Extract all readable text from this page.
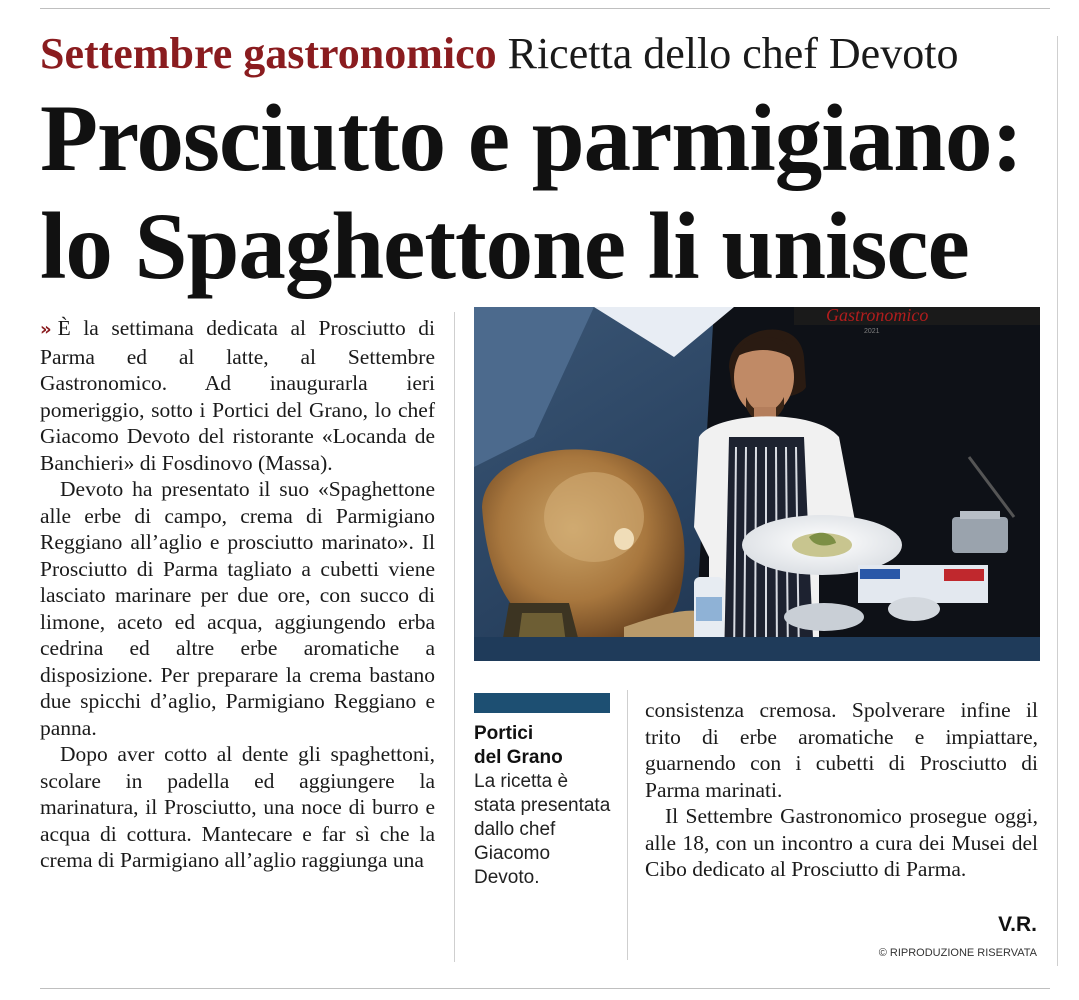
Settembre gastronomico Ricetta dello chef Devoto
Prosciutto e parmigiano:
lo Spaghettone li unisce

» È la settimana dedicata al Prosciutto di Parma ed al latte, al Settembre Gastronomico. Ad inaugurarla ieri pomeriggio, sotto i Portici del Grano, lo chef Giacomo Devoto del ristorante «Locanda de Banchieri» di Fosdinovo (Massa).

Devoto ha presentato il suo «Spaghettone alle erbe di campo, crema di Parmigiano Reggiano all’aglio e prosciutto marinato». Il Prosciutto di Parma tagliato a cubetti viene lasciato marinare per due ore, con succo di limone, aceto ed acqua, aggiungendo erba cedrina ed altre erbe aromatiche a disposizione. Per preparare la crema bastano due spicchi d’aglio, Parmigiano Reggiano e panna.

Dopo aver cotto al dente gli spaghettoni, scolare in padella ed aggiungere la marinatura, il Prosciutto, una noce di burro e acqua di cottura. Mantecare e far sì che la crema di Parmigiano all’aglio raggiunga una

Gastronomico
2021
Portici
del Grano
La ricetta è stata presentata dallo chef Giacomo Devoto.

consistenza cremosa. Spolverare infine il trito di erbe aromatiche e impiattare, guarnendo con i cubetti di Prosciutto di Parma marinati.

Il Settembre Gastronomico prosegue oggi, alle 18, con un incontro a cura dei Musei del Cibo dedicato al Prosciutto di Parma.

V.R.
© RIPRODUZIONE RISERVATA
